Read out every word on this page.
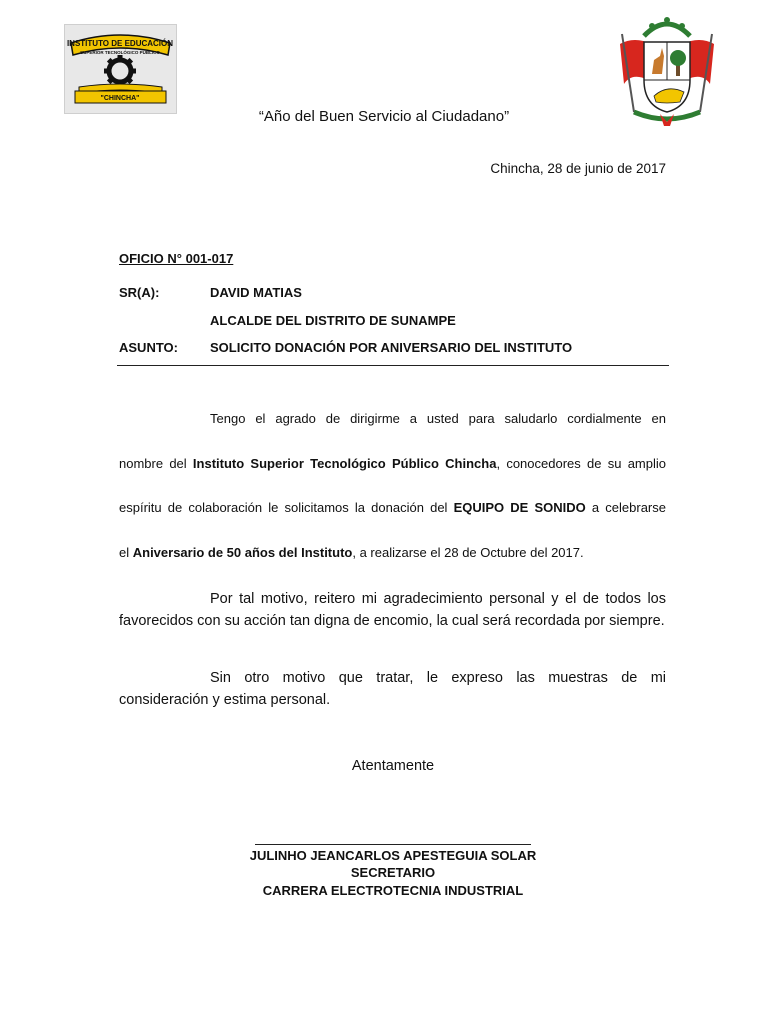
INSTITUTO DE EDUCACIÓN
SUPERIOR TECNOLÓGICO PÚBLICO
"CHINCHA"
“Año del Buen Servicio al Ciudadano”
Chincha, 28 de junio de 2017
OFICIO N° 001-017
SR(A):	DAVID MATIAS
ALCALDE DEL DISTRITO DE SUNAMPE
ASUNTO: SOLICITO DONACIÓN POR ANIVERSARIO DEL INSTITUTO
Tengo el agrado de dirigirme a usted para saludarlo cordialmente en
nombre del Instituto Superior Tecnológico Público Chincha, conocedores de su amplio
espíritu de colaboración le solicitamos la donación del EQUIPO DE SONIDO a celebrarse
el Aniversario de 50 años del Instituto, a realizarse el 28 de Octubre del 2017.
Por tal motivo, reitero mi agradecimiento personal y el de todos los favorecidos con su acción tan digna de encomio, la cual será recordada por siempre.
Sin otro motivo que tratar, le expreso las muestras de mi consideración y estima personal.
Atentamente
JULINHO JEANCARLOS APESTEGUIA SOLAR
SECRETARIO
CARRERA ELECTROTECNIA INDUSTRIAL
